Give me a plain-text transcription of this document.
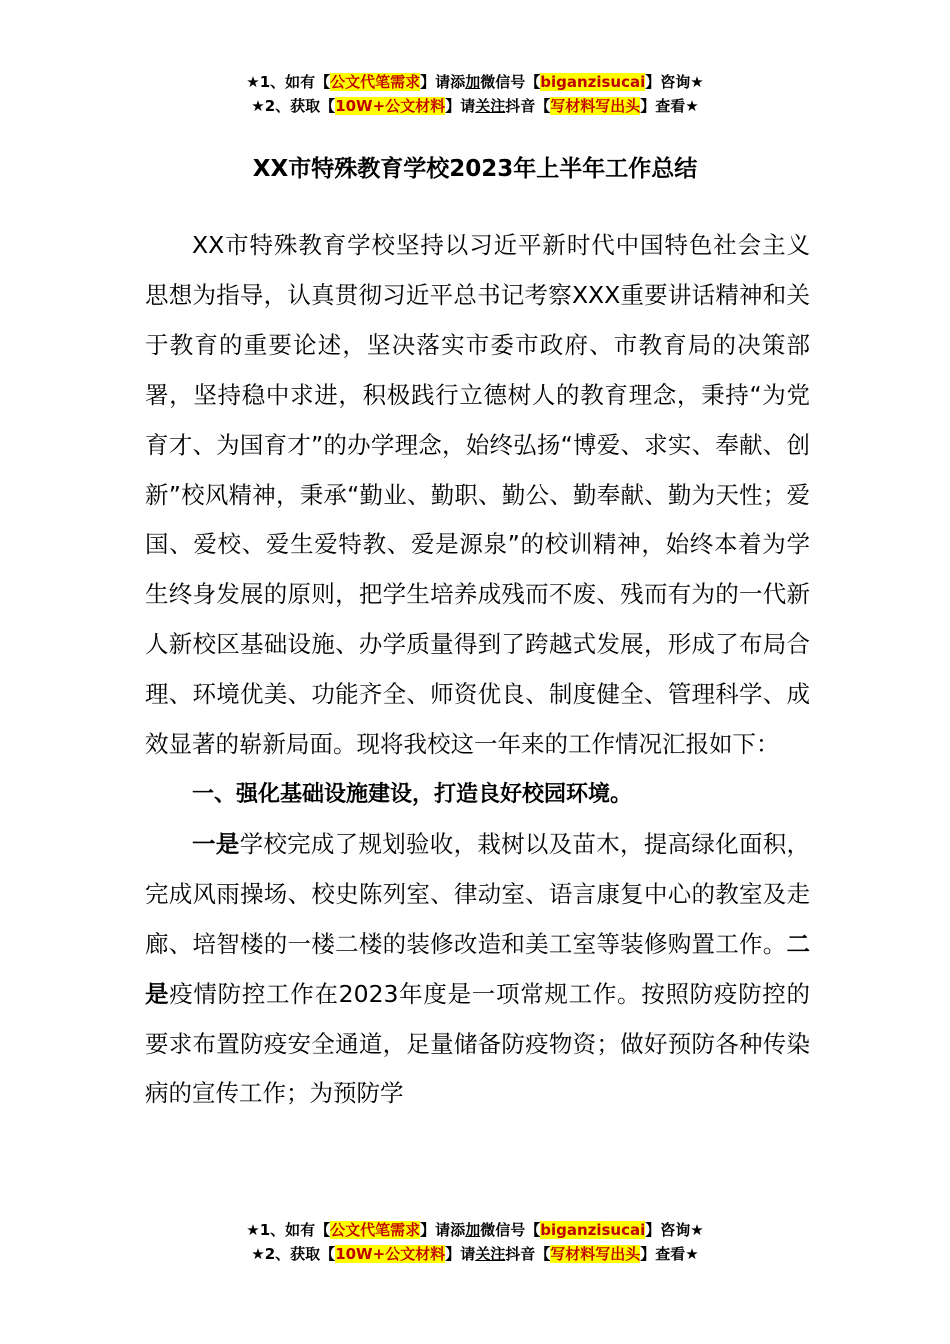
★1、如有【公文代笔需求】请添加微信号【biganzisucai】咨询★
★2、获取【10W+公文材料】请关注抖音【写材料写出头】查看★
XX市特殊教育学校2023年上半年工作总结

XX市特殊教育学校坚持以习近平新时代中国特色社会主义思想为指导，认真贯彻习近平总书记考察XXX重要讲话精神和关于教育的重要论述，坚决落实市委市政府、市教育局的决策部署，坚持稳中求进，积极践行立德树人的教育理念，秉持“为党育才、为国育才”的办学理念，始终弘扬“博爱、求实、奉献、创新”校风精神，秉承“勤业、勤职、勤公、勤奉献、勤为天性；爱国、爱校、爱生爱特教、爱是源泉”的校训精神，始终本着为学生终身发展的原则，把学生培养成残而不废、残而有为的一代新人新校区基础设施、办学质量得到了跨越式发展，形成了布局合理、环境优美、功能齐全、师资优良、制度健全、管理科学、成效显著的崭新局面。现将我校这一年来的工作情况汇报如下：

一、强化基础设施建设，打造良好校园环境。

一是学校完成了规划验收，栽树以及苗木，提高绿化面积，完成风雨操场、校史陈列室、律动室、语言康复中心的教室及走廊、培智楼的一楼二楼的装修改造和美工室等装修购置工作。二是疫情防控工作在2023年度是一项常规工作。按照防疫防控的要求布置防疫安全通道，足量储备防疫物资；做好预防各种传染病的宣传工作；为预防学

★1、如有【公文代笔需求】请添加微信号【biganzisucai】咨询★
★2、获取【10W+公文材料】请关注抖音【写材料写出头】查看★
